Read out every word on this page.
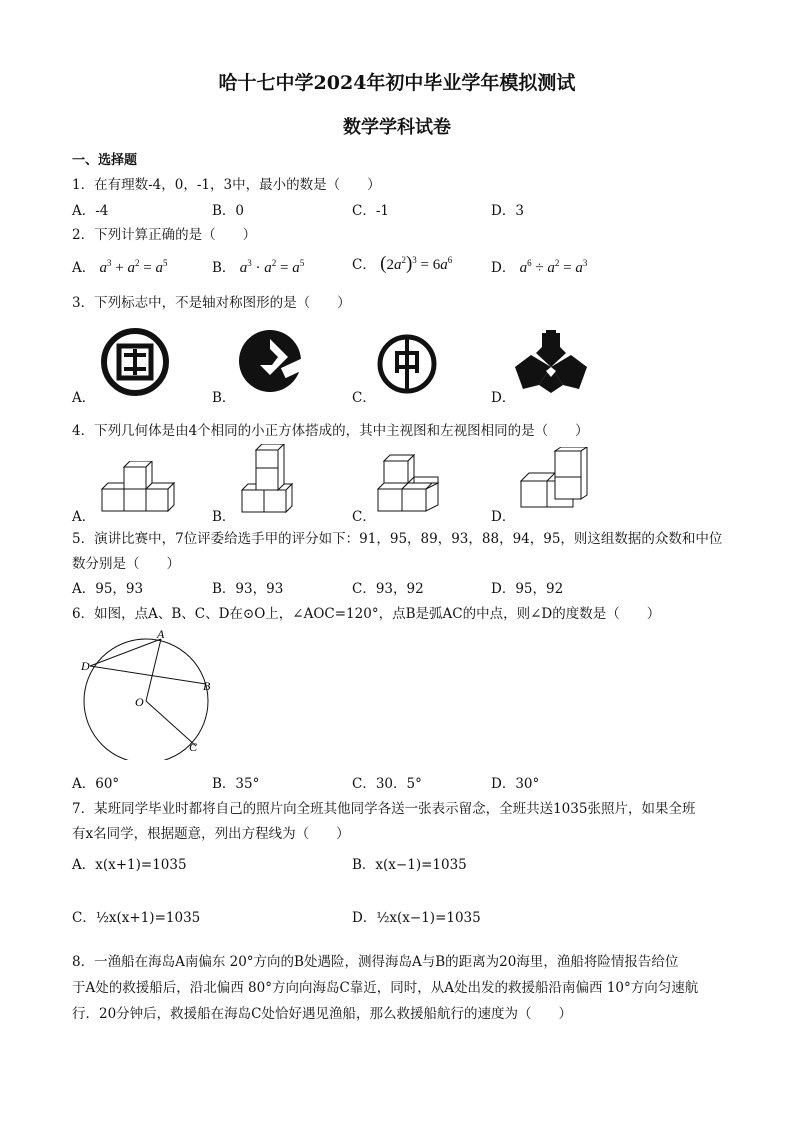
哈十七中学2024年初中毕业学年模拟测试
数学学科试卷
一、选择题
1．在有理数-4，0，-1，3中，最小的数是（　　）
A．-4	B．0	C．-1	D．3
2．下列计算正确的是（　　）
A． $a^3 + a^2 = a^5$	B． $a^3 \cdot a^2 = a^5$	C． $(2a^2)^3 = 6a^6$	D． $a^6 \div a^2 = a^3$
3．下列标志中，不是轴对称图形的是（　　）
A．	B．	C．	D．
4．下列几何体是由4个相同的小正方体搭成的，其中主视图和左视图相同的是（　　）
A．	B．	C．	D．
5．演讲比赛中，7位评委给选手甲的评分如下：91，95，89，93，88，94，95，则这组数据的众数和中位
数分别是（　　）
A．95，93	B．93，93	C．93，92	D．95，92
6．如图，点A、B、C、D在⊙O上，∠AOC=120°，点B是弧AC的中点，则∠D的度数是（　　）
A
B
C
D
O
A．60°	B．35°	C．30．5°	D．30°
7．某班同学毕业时都将自己的照片向全班其他同学各送一张表示留念，全班共送1035张照片，如果全班
有x名同学，根据题意，列出方程线为（　　）
A．x(x+1)=1035	B．x(x−1)=1035
C．½x(x+1)=1035	D．½x(x−1)=1035
8．一渔船在海岛A南偏东 20°方向的B处遇险，测得海岛A与B的距离为20海里，渔船将险情报告给位
于A处的救援船后，沿北偏西 80°方向向海岛C靠近，同时，从A处出发的救援船沿南偏西 10°方向匀速航
行．20分钟后，救援船在海岛C处恰好遇见渔船，那么救援船航行的速度为（　　）
